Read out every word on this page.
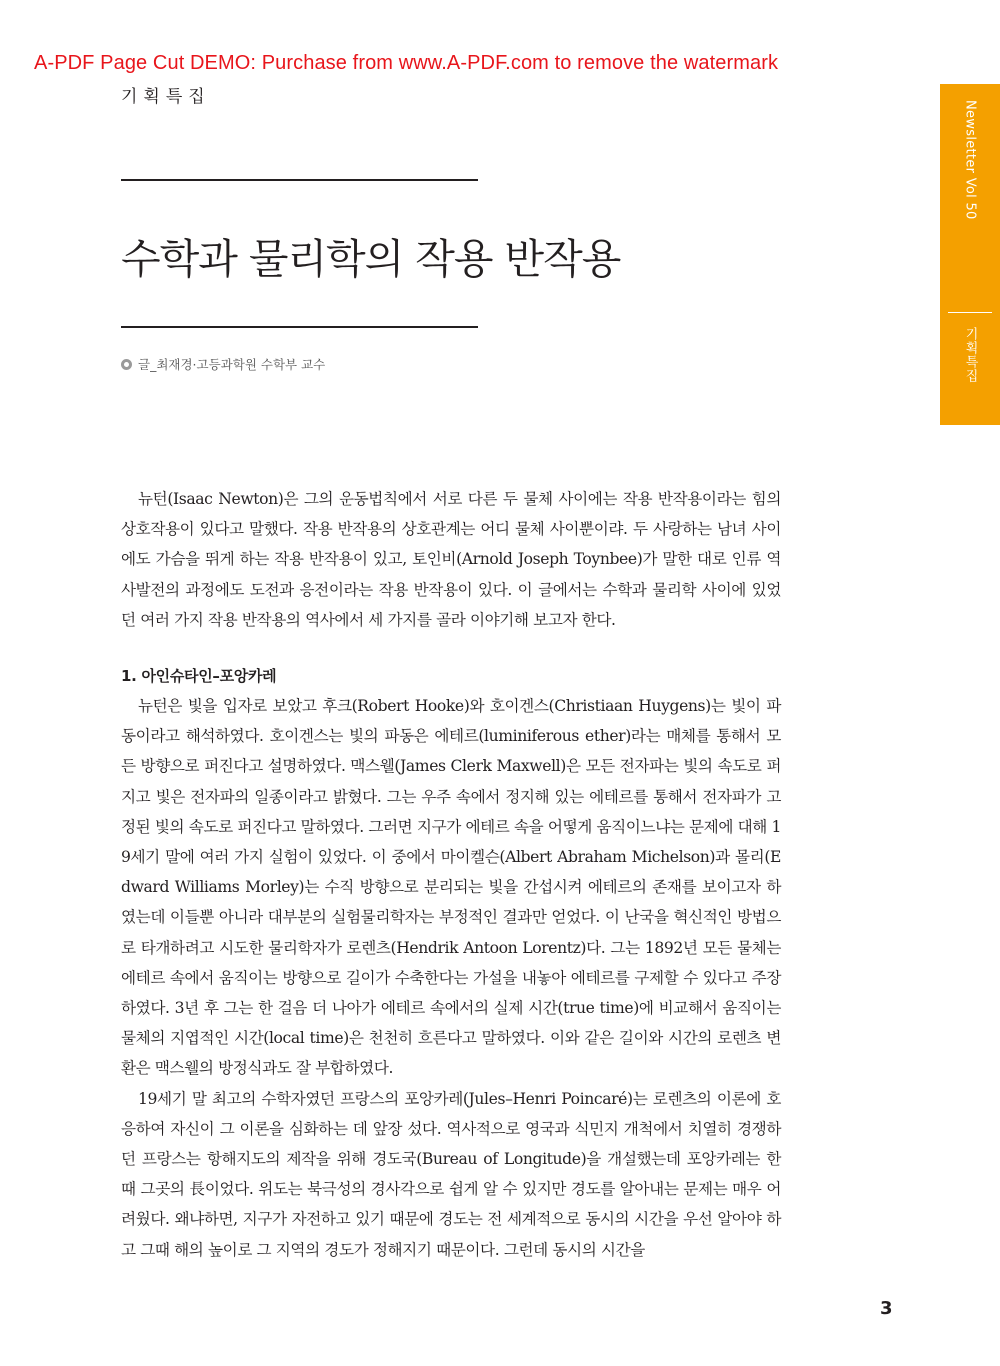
A-PDF Page Cut DEMO: Purchase from www.A-PDF.com to remove the watermark
기획특집
수학과 물리학의 작용 반작용
글_최재경·고등과학원 수학부 교수
Newsletter Vol 50
기획특집

뉴턴(Isaac Newton)은 그의 운동법칙에서 서로 다른 두 물체 사이에는 작용 반작용이라는 힘의 상호작용이 있다고 말했다. 작용 반작용의 상호관계는 어디 물체 사이뿐이랴. 두 사랑하는 남녀 사이에도 가슴을 뛰게 하는 작용 반작용이 있고, 토인비(Arnold Joseph Toynbee)가 말한 대로 인류 역사발전의 과정에도 도전과 응전이라는 작용 반작용이 있다. 이 글에서는 수학과 물리학 사이에 있었던 여러 가지 작용 반작용의 역사에서 세 가지를 골라 이야기해 보고자 한다.

1. 아인슈타인–포앙카레

뉴턴은 빛을 입자로 보았고 후크(Robert Hooke)와 호이겐스(Christiaan Huygens)는 빛이 파동이라고 해석하였다. 호이겐스는 빛의 파동은 에테르(luminiferous ether)라는 매체를 통해서 모든 방향으로 퍼진다고 설명하였다. 맥스웰(James Clerk Maxwell)은 모든 전자파는 빛의 속도로 퍼지고 빛은 전자파의 일종이라고 밝혔다. 그는 우주 속에서 정지해 있는 에테르를 통해서 전자파가 고정된 빛의 속도로 퍼진다고 말하였다. 그러면 지구가 에테르 속을 어떻게 움직이느냐는 문제에 대해 19세기 말에 여러 가지 실험이 있었다. 이 중에서 마이켈슨(Albert Abraham Michelson)과 몰리(Edward Williams Morley)는 수직 방향으로 분리되는 빛을 간섭시켜 에테르의 존재를 보이고자 하였는데 이들뿐 아니라 대부분의 실험물리학자는 부정적인 결과만 얻었다. 이 난국을 혁신적인 방법으로 타개하려고 시도한 물리학자가 로렌츠(Hendrik Antoon Lorentz)다. 그는 1892년 모든 물체는 에테르 속에서 움직이는 방향으로 길이가 수축한다는 가설을 내놓아 에테르를 구제할 수 있다고 주장하였다. 3년 후 그는 한 걸음 더 나아가 에테르 속에서의 실제 시간(true time)에 비교해서 움직이는 물체의 지엽적인 시간(local time)은 천천히 흐른다고 말하였다. 이와 같은 길이와 시간의 로렌츠 변환은 맥스웰의 방정식과도 잘 부합하였다.

19세기 말 최고의 수학자였던 프랑스의 포앙카레(Jules–Henri Poincaré)는 로렌츠의 이론에 호응하여 자신이 그 이론을 심화하는 데 앞장 섰다. 역사적으로 영국과 식민지 개척에서 치열히 경쟁하던 프랑스는 항해지도의 제작을 위해 경도국(Bureau of Longitude)을 개설했는데 포앙카레는 한 때 그곳의 長이었다. 위도는 북극성의 경사각으로 쉽게 알 수 있지만 경도를 알아내는 문제는 매우 어려웠다. 왜냐하면, 지구가 자전하고 있기 때문에 경도는 전 세계적으로 동시의 시간을 우선 알아야 하고 그때 해의 높이로 그 지역의 경도가 정해지기 때문이다. 그런데 동시의 시간을

3
